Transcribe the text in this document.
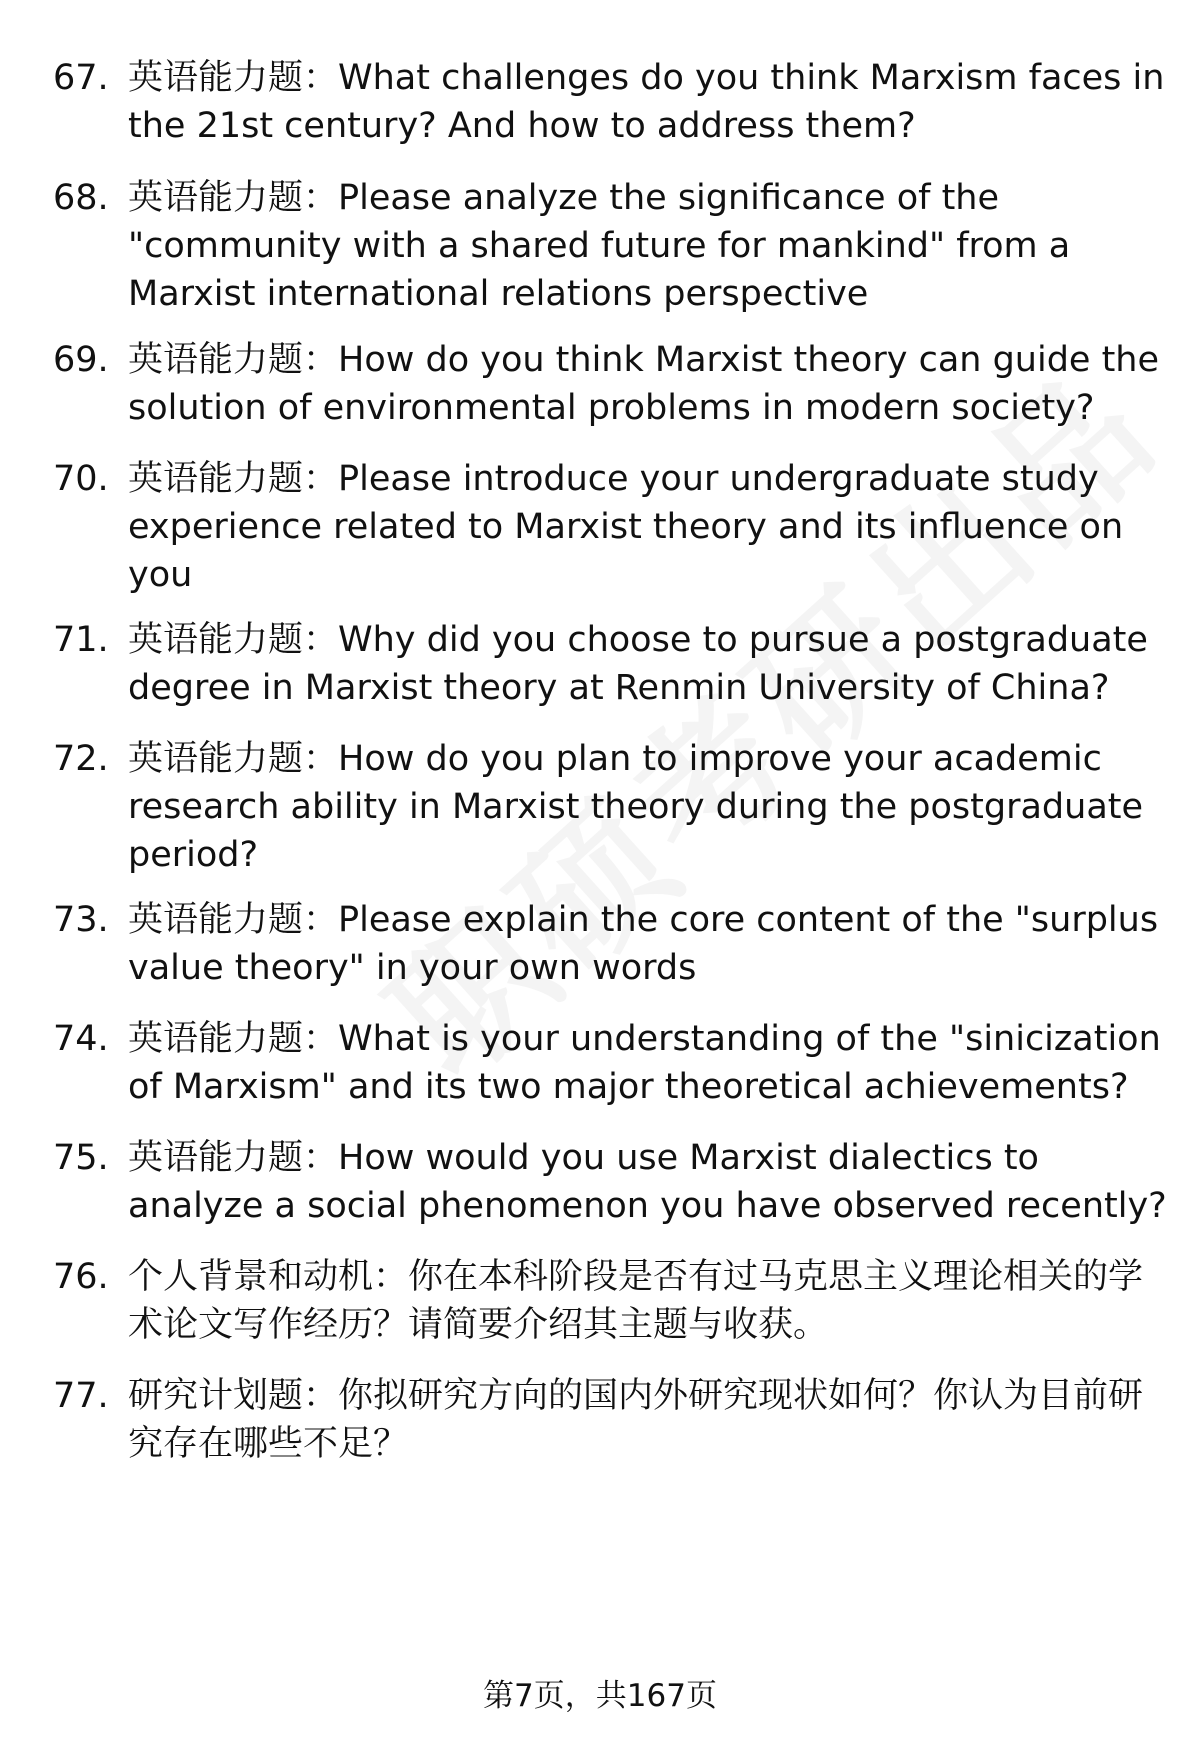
67. 英语能力题：What challenges do you think Marxism faces in the 21st century? And how to address them?
68. 英语能力题：Please analyze the significance of the "community with a shared future for mankind" from a Marxist international relations perspective
69. 英语能力题：How do you think Marxist theory can guide the solution of environmental problems in modern society?
70. 英语能力题：Please introduce your undergraduate study experience related to Marxist theory and its influence on you
71. 英语能力题：Why did you choose to pursue a postgraduate degree in Marxist theory at Renmin University of China?
72. 英语能力题：How do you plan to improve your academic research ability in Marxist theory during the postgraduate period?
73. 英语能力题：Please explain the core content of the "surplus value theory" in your own words
74. 英语能力题：What is your understanding of the "sinicization of Marxism" and its two major theoretical achievements?
75. 英语能力题：How would you use Marxist dialectics to analyze a social phenomenon you have observed recently?
76. 个人背景和动机：你在本科阶段是否有过马克思主义理论相关的学术论文写作经历？请简要介绍其主题与收获。
77. 研究计划题：你拟研究方向的国内外研究现状如何？你认为目前研究存在哪些不足？
第7页，共167页
